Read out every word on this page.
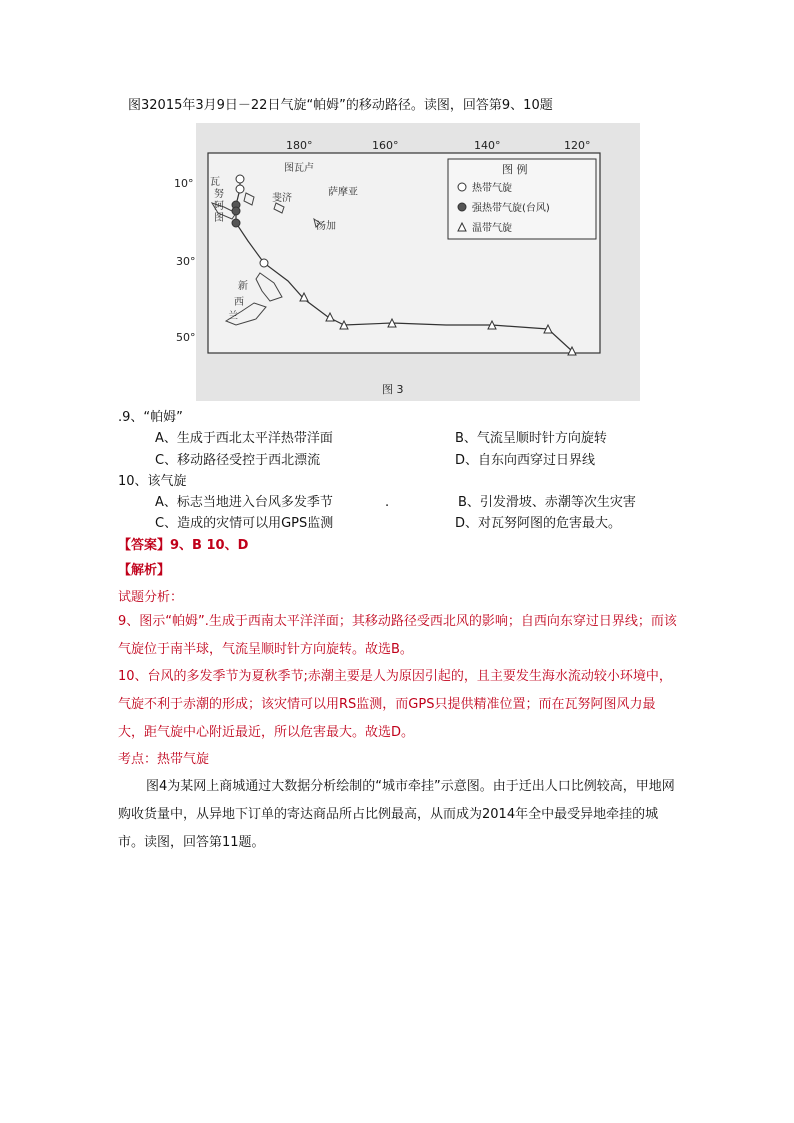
图32015年3月9日－22日气旋“帕姆”的移动路径。读图，回答第9、10题
180°	160°	140°	120°
10°
30°
50°
瓦
努
阿
图
图瓦卢
斐济
萨摩亚
汤加
新
西
兰
图 例
热带气旋
强热带气旋(台风)
温带气旋
图 3
.9、“帕姆”
A、生成于西北太平洋热带洋面	B、气流呈顺时针方向旋转
C、移动路径受控于西北漂流	D、自东向西穿过日界线
10、该气旋
A、标志当地进入台风多发季节	.	B、引发滑坡、赤潮等次生灾害
C、造成的灾情可以用GPS监测	D、对瓦努阿图的危害最大。
【答案】9、B 10、D
【解析】
试题分析：
9、图示“帕姆”.生成于西南太平洋洋面；其移动路径受西北风的影响；自西向东穿过日界线；而该气旋位于南半球，气流呈顺时针方向旋转。故选B。
10、台风的多发季节为夏秋季节;赤潮主要是人为原因引起的，且主要发生海水流动较小环境中，气旋不利于赤潮的形成；该灾情可以用RS监测，而GPS只提供精准位置；而在瓦努阿图风力最大，距气旋中心附近最近，所以危害最大。故选D。
考点：热带气旋
图4为某网上商城通过大数据分析绘制的“城市牵挂”示意图。由于迁出人口比例较高，甲地网购收货量中，从异地下订单的寄达商品所占比例最高，从而成为2014年全中最受异地牵挂的城市。读图，回答第11题。
